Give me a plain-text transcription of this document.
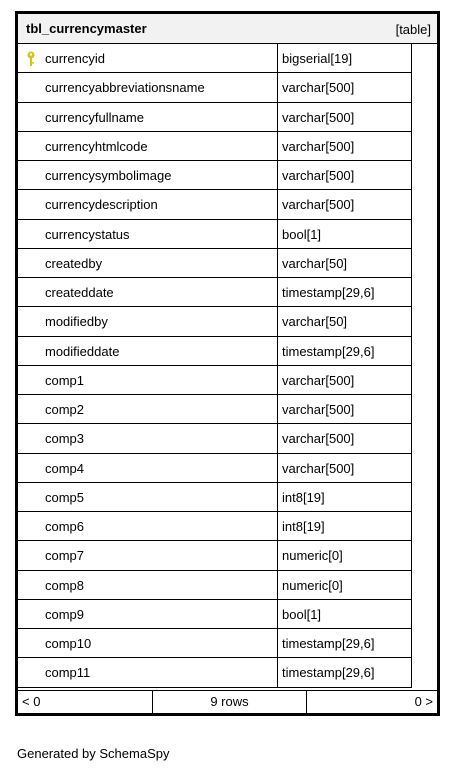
tbl_currencymaster	[table]
currencyid	bigserial[19]
currencyabbreviationsname	varchar[500]
currencyfullname	varchar[500]
currencyhtmlcode	varchar[500]
currencysymbolimage	varchar[500]
currencydescription	varchar[500]
currencystatus	bool[1]
createdby	varchar[50]
createddate	timestamp[29,6]
modifiedby	varchar[50]
modifieddate	timestamp[29,6]
comp1	varchar[500]
comp2	varchar[500]
comp3	varchar[500]
comp4	varchar[500]
comp5	int8[19]
comp6	int8[19]
comp7	numeric[0]
comp8	numeric[0]
comp9	bool[1]
comp10	timestamp[29,6]
comp11	timestamp[29,6]
< 0	9 rows	0 >
Generated by SchemaSpy
